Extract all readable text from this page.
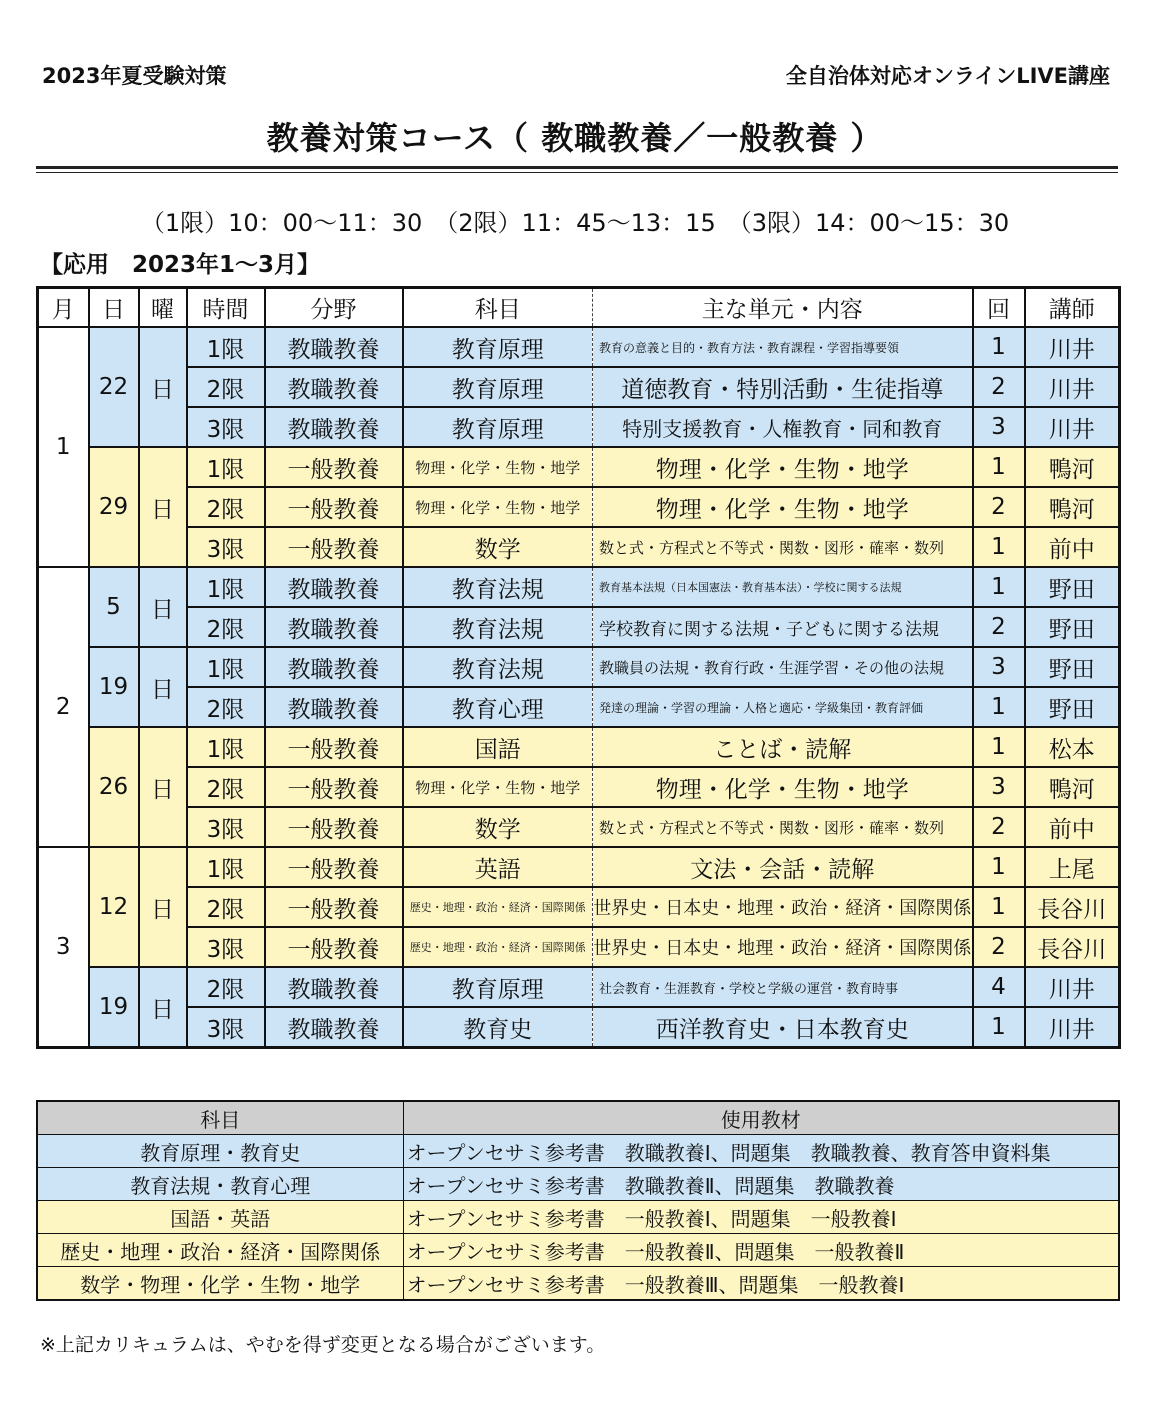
2023年夏受験対策	全自治体対応オンラインLIVE講座
教養対策コース（ 教職教養／一般教養 ）
（1限）10：00～11：30　（2限）11：45～13：15　（3限）14：00～15：30
【応用　2023年1～3月】
月	日	曜	時間	分野	科目	主な単元・内容	回	講師
1	22	日	1限	教職教養	教育原理	教育の意義と目的・教育方法・教育課程・学習指導要領	1	川井
			2限	教職教養	教育原理	道徳教育・特別活動・生徒指導	2	川井
			3限	教職教養	教育原理	特別支援教育・人権教育・同和教育	3	川井
	29	日	1限	一般教養	物理・化学・生物・地学	物理・化学・生物・地学	1	鴨河
			2限	一般教養	物理・化学・生物・地学	物理・化学・生物・地学	2	鴨河
			3限	一般教養	数学	数と式・方程式と不等式・関数・図形・確率・数列	1	前中
2	5	日	1限	教職教養	教育法規	教育基本法規（日本国憲法・教育基本法）・学校に関する法規	1	野田
			2限	教職教養	教育法規	学校教育に関する法規・子どもに関する法規	2	野田
	19	日	1限	教職教養	教育法規	教職員の法規・教育行政・生涯学習・その他の法規	3	野田
			2限	教職教養	教育心理	発達の理論・学習の理論・人格と適応・学級集団・教育評価	1	野田
	26	日	1限	一般教養	国語	ことば・読解	1	松本
			2限	一般教養	物理・化学・生物・地学	物理・化学・生物・地学	3	鴨河
			3限	一般教養	数学	数と式・方程式と不等式・関数・図形・確率・数列	2	前中
3	12	日	1限	一般教養	英語	文法・会話・読解	1	上尾
			2限	一般教養	歴史・地理・政治・経済・国際関係	世界史・日本史・地理・政治・経済・国際関係	1	長谷川
			3限	一般教養	歴史・地理・政治・経済・国際関係	世界史・日本史・地理・政治・経済・国際関係	2	長谷川
	19	日	2限	教職教養	教育原理	社会教育・生涯教育・学校と学級の運営・教育時事	4	川井
			3限	教職教養	教育史	西洋教育史・日本教育史	1	川井
科目	使用教材
教育原理・教育史	オープンセサミ参考書　教職教養Ⅰ、問題集　教職教養、教育答申資料集
教育法規・教育心理	オープンセサミ参考書　教職教養Ⅱ、問題集　教職教養
国語・英語	オープンセサミ参考書　一般教養Ⅰ、問題集　一般教養Ⅰ
歴史・地理・政治・経済・国際関係	オープンセサミ参考書　一般教養Ⅱ、問題集　一般教養Ⅱ
数学・物理・化学・生物・地学	オープンセサミ参考書　一般教養Ⅲ、問題集　一般教養Ⅰ
※上記カリキュラムは、やむを得ず変更となる場合がございます。
